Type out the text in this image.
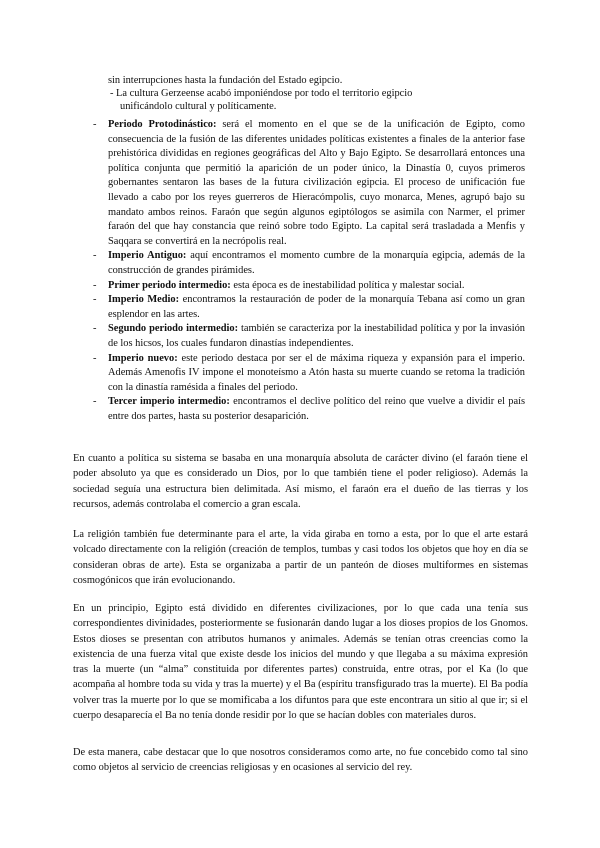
sin interrupciones hasta la fundación del Estado egipcio.
- La cultura Gerzeense acabó imponiéndose por todo el territorio egipcio
unificándolo cultural y políticamente.
- Periodo Protodinástico: será el momento en el que se de la unificación de Egipto, como consecuencia de la fusión de las diferentes unidades políticas existentes a finales de la anterior fase prehistórica divididas en regiones geográficas del Alto y Bajo Egipto. Se desarrollará entonces una política conjunta que permitió la aparición de un poder único, la Dinastía 0, cuyos primeros gobernantes sentaron las bases de la futura civilización egipcia. El proceso de unificación fue llevado a cabo por los reyes guerreros de Hieracómpolis, cuyo monarca, Menes, agrupó bajo su mandato ambos reinos. Faraón que según algunos egiptólogos se asimila con Narmer, el primer faraón del que hay constancia que reinó sobre todo Egipto. La capital será trasladada a Menfis y Saqqara se convertirá en la necrópolis real.
- Imperio Antiguo: aquí encontramos el momento cumbre de la monarquía egipcia, además de la construcción de grandes pirámides.
- Primer periodo intermedio: esta época es de inestabilidad política y malestar social.
- Imperio Medio: encontramos la restauración de poder de la monarquía Tebana así como un gran esplendor en las artes.
- Segundo periodo intermedio: también se caracteriza por la inestabilidad política y por la invasión de los hicsos, los cuales fundaron dinastías independientes.
- Imperio nuevo: este periodo destaca por ser el de máxima riqueza y expansión para el imperio. Además Amenofis IV impone el monoteísmo a Atón hasta su muerte cuando se retoma la tradición con la dinastía ramésida a finales del periodo.
- Tercer imperio intermedio: encontramos el declive político del reino que vuelve a dividir el país entre dos partes, hasta su posterior desaparición.

En cuanto a política su sistema se basaba en una monarquía absoluta de carácter divino (el faraón tiene el poder absoluto ya que es considerado un Dios, por lo que también tiene el poder religioso). Además la sociedad seguía una estructura bien delimitada. Así mismo, el faraón era el dueño de las tierras y los recursos, además controlaba el comercio a gran escala.

La religión también fue determinante para el arte, la vida giraba en torno a esta, por lo que el arte estará volcado directamente con la religión (creación de templos, tumbas y casi todos los objetos que hoy en día se consideran obras de arte). Esta se organizaba a partir de un panteón de dioses multiformes en sistemas cosmogónicos que irán evolucionando.

En un principio, Egipto está dividido en diferentes civilizaciones, por lo que cada una tenía sus correspondientes divinidades, posteriormente se fusionarán dando lugar a los dioses propios de los Gnomos. Estos dioses se presentan con atributos humanos y animales. Además se tenían otras creencias como la existencia de una fuerza vital que existe desde los inicios del mundo y que llegaba a su máxima expresión tras la muerte (un “alma” constituida por diferentes partes) construida, entre otras, por el Ka (lo que acompaña al hombre toda su vida y tras la muerte) y el Ba (espíritu transfigurado tras la muerte). El Ba podía volver tras la muerte por lo que se momificaba a los difuntos para que este encontrara un sitio al que ir; si el cuerpo desaparecía el Ba no tenía donde residir por lo que se hacían dobles con materiales duros.

De esta manera, cabe destacar que lo que nosotros consideramos como arte, no fue concebido como tal sino como objetos al servicio de creencias religiosas y en ocasiones al servicio del rey.
